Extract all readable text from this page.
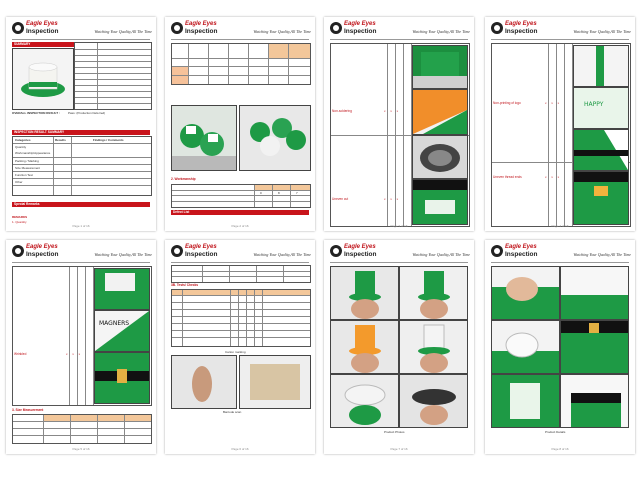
Eagle Eyes
Inspection	Watching Your Quality,All The Time
SUMMARY
OVERALL INSPECTION RESULT :	Pass: (Production Deferred)
INSPECTION RESULT SUMMARY
Categories	Results	Findings / Comments
Quantity
Workmanship/Appearance
Packing / Marking
Size Measurement
Function Test
Other
Special Remarks
REMARKS
1. Quantity
Page 1 of 16
Eagle Eyes
Inspection	Watching Your Quality,All The Time
2. Workmanship
0	8	7
Defect List
Page 2 of 16
Eagle Eyes
Inspection	Watching Your Quality,All The Time
Non-soldering	x x x
Uneven cut	x x x
Page 3 of 16
Eagle Eyes
Inspection	Watching Your Quality,All The Time
HAPPY
Non-printing of logo	x x x
Uneven thread ends	x x x
Page 4 of 16
Eagle Eyes
Inspection	Watching Your Quality,All The Time
MAGNERS
Wrinkled	x x x
3. Size Measurement
Page 5 of 16
Eagle Eyes
Inspection	Watching Your Quality,All The Time
3B. Tests/ Checks
Carton marking
Barcode scan
Page 6 of 16
Eagle Eyes
Inspection	Watching Your Quality,All The Time
Product Photos
Page 7 of 16
Eagle Eyes
Inspection	Watching Your Quality,All The Time
Product Details
Page 8 of 16
